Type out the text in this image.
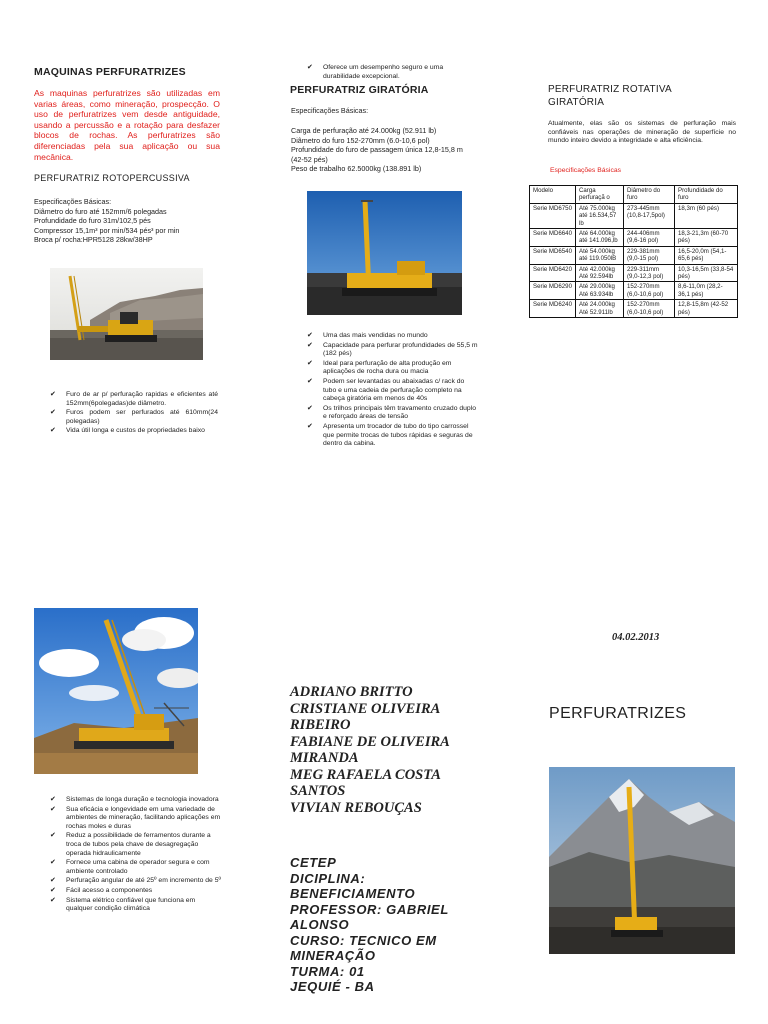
MAQUINAS PERFURATRIZES
As maquinas perfuratrizes são utilizadas em varias áreas, como mineração, prospecção. O uso de perfuratrizes vem desde antiguidade, usando a percussão e a rotação para desfazer blocos de rochas. As perfuratrizes são diferenciadas pela sua aplicação ou sua mecânica.
PERFURATRIZ ROTOPERCUSSIVA
Especificações Básicas:
Diâmetro do furo até 152mm/6 polegadas
Profundidade do furo 31m/102,5 pés
Compressor 15,1m³ por min/534 pés³ por min
Broca p/ rocha:HPR5128 28kw/38HP
✔ Furo de ar p/ perfuração rapidas e eficientes até 152mm(6polegadas)de diâmetro.
✔ Furos podem ser perfurados até 610mm(24 polegadas)
✔ Vida útil longa e custos de propriedades baixo
✔ Sistemas de longa duração e tecnologia inovadora
✔ Sua eficácia e longevidade em uma variedade de ambientes de mineração, facilitando aplicações em rochas moles e duras
✔ Reduz a possibilidade de ferramentos durante a troca de tubos pela chave de desagregação operada hidraulicamente
✔ Fornece uma cabina de operador segura e com ambiente controlado
✔ Perfuração angular de até 25º em incremento de 5º
✔ Fácil acesso a componentes
✔ Sistema elétrico confiável que funciona em qualquer condição climática
✔ Oferece um desempenho seguro e uma durabilidade excepcional.
PERFURATRIZ GIRATÓRIA
Especificações Básicas:
Carga de perfuração até 24.000kg (52.911 lb)
Diâmetro do furo 152-270mm (6.0-10,6 pol)
Profundidade do furo de passagem única 12,8-15,8 m (42-52 pés)
Peso de trabalho 62.5000kg (138.891 lb)
✔ Uma das mais vendidas no mundo
✔ Capacidade para perfurar profundidades de 55,5 m (182 pés)
✔ Ideal para perfuração de alta produção em aplicações de rocha dura ou macia
✔ Podem ser levantadas ou abaixadas c/ rack do tubo e uma cadeia de perfuração completo na cabeça giratória em menos de 40s
✔ Os trilhos principais têm travamento cruzado duplo e reforçado áreas de tensão
✔ Apresenta um trocador de tubo do tipo carrossel que permite trocas de tubos rápidas e seguras de dentro da cabina.
ADRIANO BRITTO
CRISTIANE OLIVEIRA
RIBEIRO
FABIANE DE OLIVEIRA
MIRANDA
MEG RAFAELA COSTA
SANTOS
VIVIAN REBOUÇAS
CETEP
DICIPLINA:
BENEFICIAMENTO
PROFESSOR: GABRIEL
ALONSO
CURSO: TECNICO EM
MINERAÇÃO
TURMA: 01
JEQUIÉ - BA
PERFURATRIZ ROTATIVA
GIRATÓRIA
Atualmente, elas são os sistemas de perfuração mais confiáveis nas operações de mineração de superfície no mundo inteiro devido a integridade e alta eficiência.
Especificações Básicas
Modelo	Carga perfuraçã o	Diâmetro do furo	Profundidade do furo
Serie MD6750	Até 75.000kg até 16.534,57 lb	273-445mm (10,8-17,5pol)	18,3m (60 pés)
Serie MD6640	Até 64.000kg até 141.096,lb	244-406mm (9,6-16 pol)	18,3-21,3m (60-70 pés)
Serie MD6540	Até 54.000kg até 119.050lB	229-381mm (9,0-15 pol)	16,5-20,0m (54,1-65,6 pés)
Serie MD6420	Até 42.000kg Até 92.594lb	229-311mm (9,0-12,3 pol)	10,3-16,5m (33,8-54 pés)
Serie MD6290	Até 29.000kg Até 63.934lb	152-270mm (6,0-10,6 pol)	8,6-11,0m (28,2-36,1 pés)
Serie MD6240	Até 24.000kg Até 52.911lb	152-270mm (6,0-10,6 pol)	12,8-15,8m (42-52 pés)
04.02.2013
PERFURATRIZES
